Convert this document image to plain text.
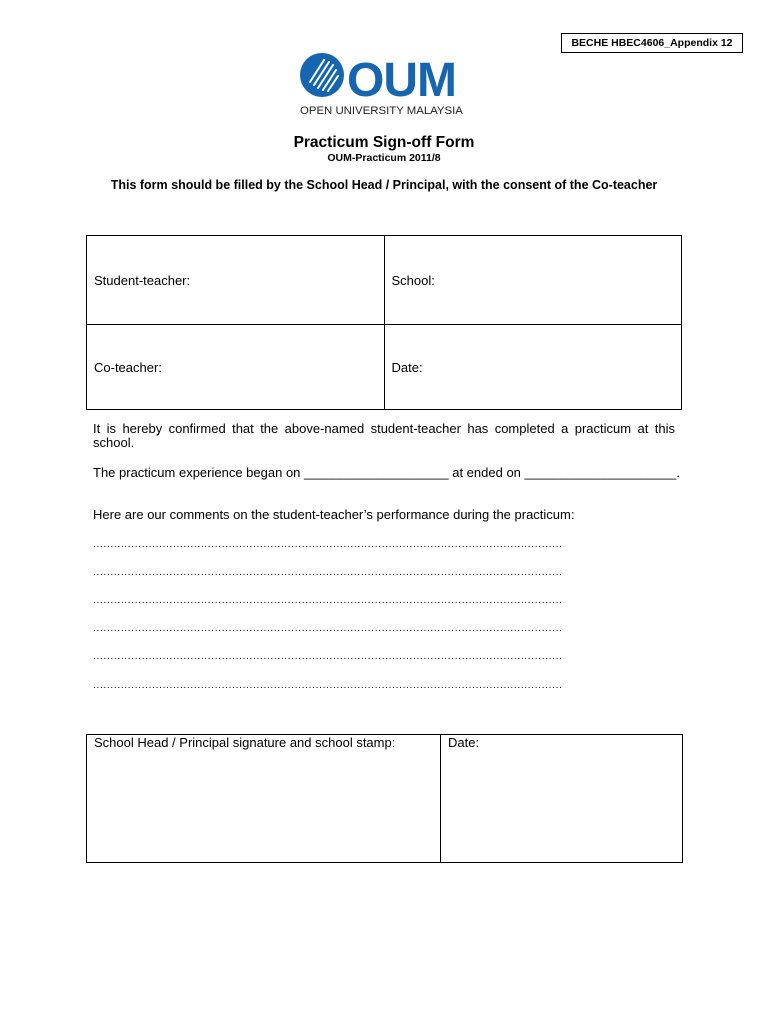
BECHE HBEC4606_Appendix 12
OUM
OPEN UNIVERSITY MALAYSIA
Practicum Sign-off Form
OUM-Practicum 2011/8
This form should be filled by the School Head / Principal, with the consent of the Co-teacher
Student-teacher:	School:
Co-teacher:	Date:
It is hereby confirmed that the above-named student-teacher has completed a practicum at this school.
The practicum experience began on ____________________ at ended on _____________________.
Here are our comments on the student-teacher’s performance during the practicum:
.......................................................................................................................................
.......................................................................................................................................
.......................................................................................................................................
.......................................................................................................................................
.......................................................................................................................................
.......................................................................................................................................
School Head / Principal signature and school stamp:	Date:
